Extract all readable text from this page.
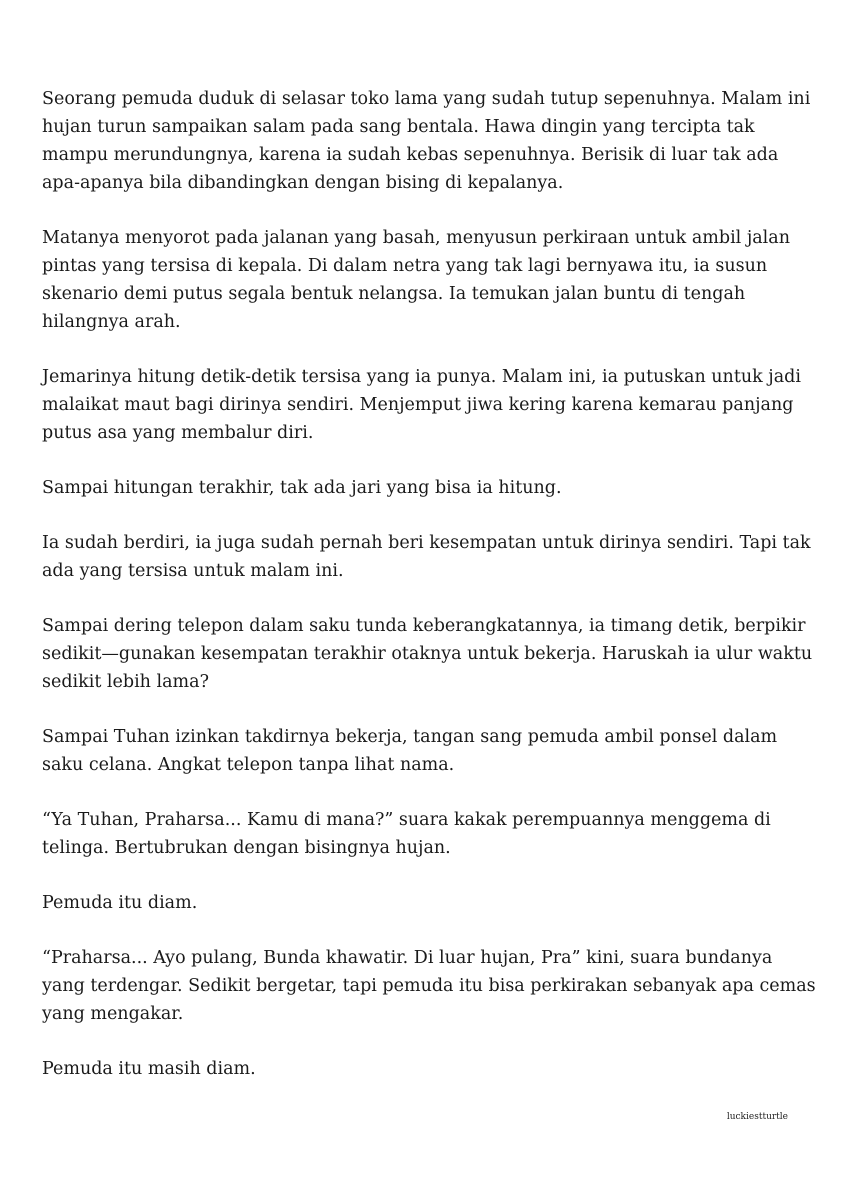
Seorang pemuda duduk di selasar toko lama yang sudah tutup sepenuhnya. Malam ini hujan turun sampaikan salam pada sang bentala. Hawa dingin yang tercipta tak mampu merundungnya, karena ia sudah kebas sepenuhnya. Berisik di luar tak ada apa-apanya bila dibandingkan dengan bising di kepalanya.

Matanya menyorot pada jalanan yang basah, menyusun perkiraan untuk ambil jalan pintas yang tersisa di kepala. Di dalam netra yang tak lagi bernyawa itu, ia susun skenario demi putus segala bentuk nelangsa. Ia temukan jalan buntu di tengah hilangnya arah.

Jemarinya hitung detik-detik tersisa yang ia punya. Malam ini, ia putuskan untuk jadi malaikat maut bagi dirinya sendiri. Menjemput jiwa kering karena kemarau panjang putus asa yang membalur diri.

Sampai hitungan terakhir, tak ada jari yang bisa ia hitung.

Ia sudah berdiri, ia juga sudah pernah beri kesempatan untuk dirinya sendiri. Tapi tak ada yang tersisa untuk malam ini.

Sampai dering telepon dalam saku tunda keberangkatannya, ia timang detik, berpikir sedikit—gunakan kesempatan terakhir otaknya untuk bekerja. Haruskah ia ulur waktu sedikit lebih lama?

Sampai Tuhan izinkan takdirnya bekerja, tangan sang pemuda ambil ponsel dalam saku celana. Angkat telepon tanpa lihat nama.

“Ya Tuhan, Praharsa... Kamu di mana?” suara kakak perempuannya menggema di telinga. Bertubrukan dengan bisingnya hujan.

Pemuda itu diam.

“Praharsa... Ayo pulang, Bunda khawatir. Di luar hujan, Pra” kini, suara bundanya yang terdengar. Sedikit bergetar, tapi pemuda itu bisa perkirakan sebanyak apa cemas yang mengakar.

Pemuda itu masih diam.

luckiestturtle
